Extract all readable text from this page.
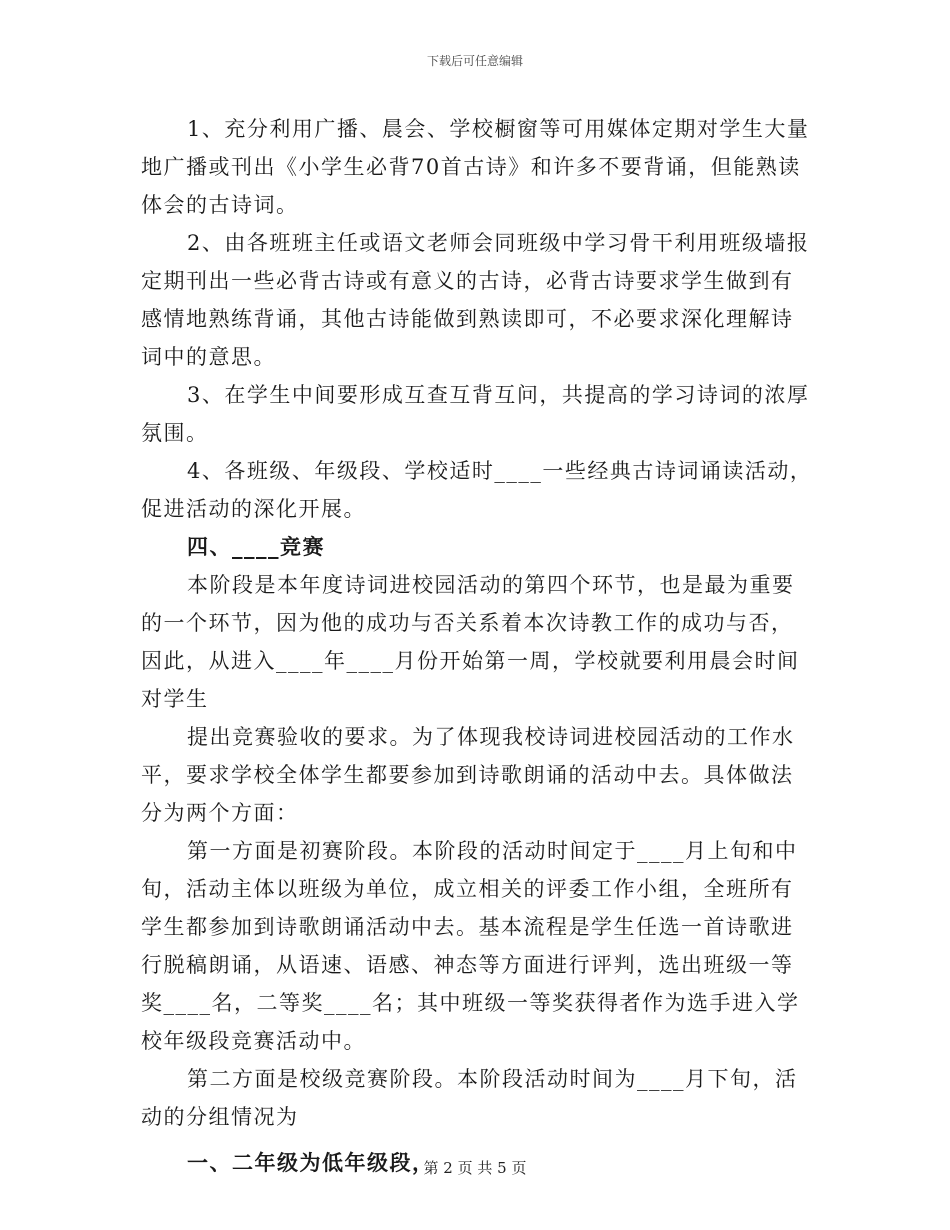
下载后可任意编辑

1、充分利用广播、晨会、学校橱窗等可用媒体定期对学生大量地广播或刊出《小学生必背70首古诗》和许多不要背诵，但能熟读体会的古诗词。

2、由各班班主任或语文老师会同班级中学习骨干利用班级墙报定期刊出一些必背古诗或有意义的古诗，必背古诗要求学生做到有感情地熟练背诵，其他古诗能做到熟读即可，不必要求深化理解诗词中的意思。

3、在学生中间要形成互查互背互问，共提高的学习诗词的浓厚氛围。

4、各班级、年级段、学校适时____一些经典古诗词诵读活动，促进活动的深化开展。

四、____竞赛

本阶段是本年度诗词进校园活动的第四个环节，也是最为重要的一个环节，因为他的成功与否关系着本次诗教工作的成功与否，因此，从进入____年____月份开始第一周，学校就要利用晨会时间对学生

提出竞赛验收的要求。为了体现我校诗词进校园活动的工作水平，要求学校全体学生都要参加到诗歌朗诵的活动中去。具体做法分为两个方面：

第一方面是初赛阶段。本阶段的活动时间定于____月上旬和中旬，活动主体以班级为单位，成立相关的评委工作小组，全班所有学生都参加到诗歌朗诵活动中去。基本流程是学生任选一首诗歌进行脱稿朗诵，从语速、语感、神态等方面进行评判，选出班级一等奖____名，二等奖____名；其中班级一等奖获得者作为选手进入学校年级段竞赛活动中。

第二方面是校级竞赛阶段。本阶段活动时间为____月下旬，活动的分组情况为

一、二年级为低年级段，

第 2 页 共 5 页
